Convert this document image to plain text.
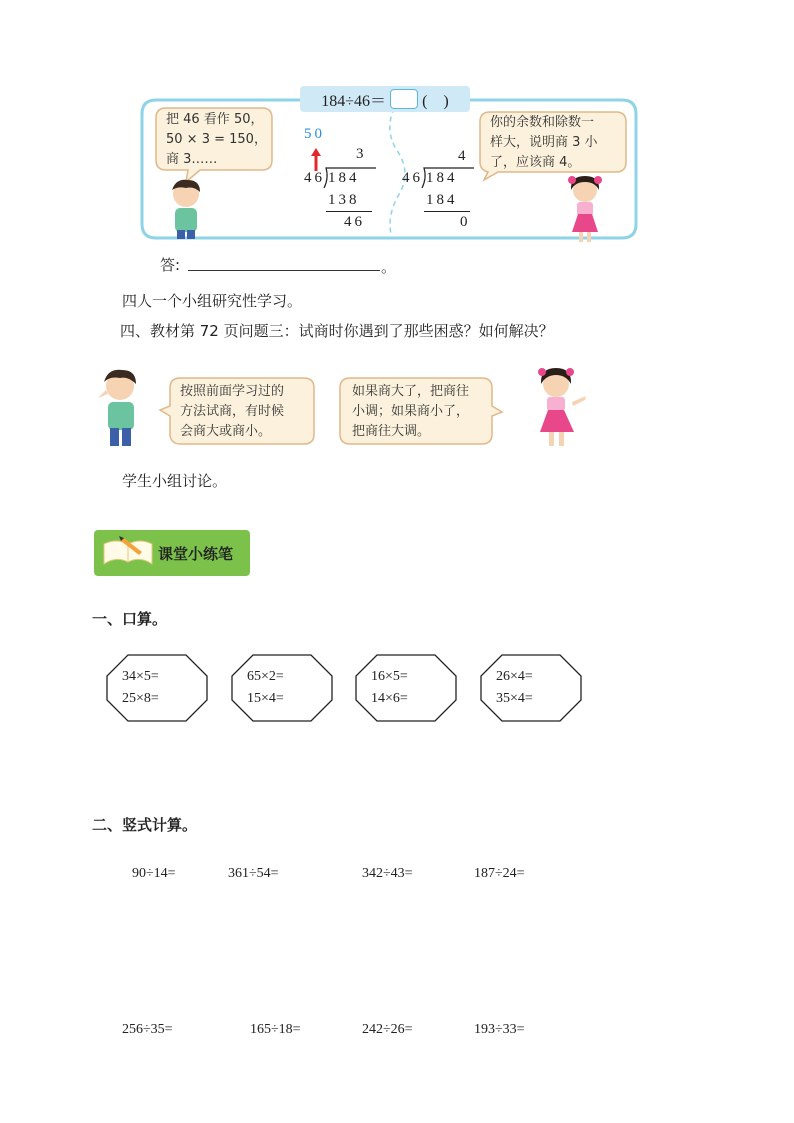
184÷46＝ (　)
把 46 看作 50，
50 × 3 = 150，
商 3……
50
3
46 184
138
46
4
46 184
184
0
你的余数和除数一
样大，说明商 3 小
了，应该商 4。
答:	。
四人一个小组研究性学习。
四、教材第 72 页问题三：试商时你遇到了那些困惑？如何解决？
按照前面学习过的
方法试商，有时候
会商大或商小。
如果商大了，把商往
小调；如果商小了，
把商往大调。
学生小组讨论。
课堂小练笔
一、口算。
34×5=
25×8=
65×2=
15×4=
16×5=
14×6=
26×4=
35×4=
二、竖式计算。
90÷14=	361÷54=	342÷43=	187÷24=
256÷35=	165÷18=	242÷26=	193÷33=
